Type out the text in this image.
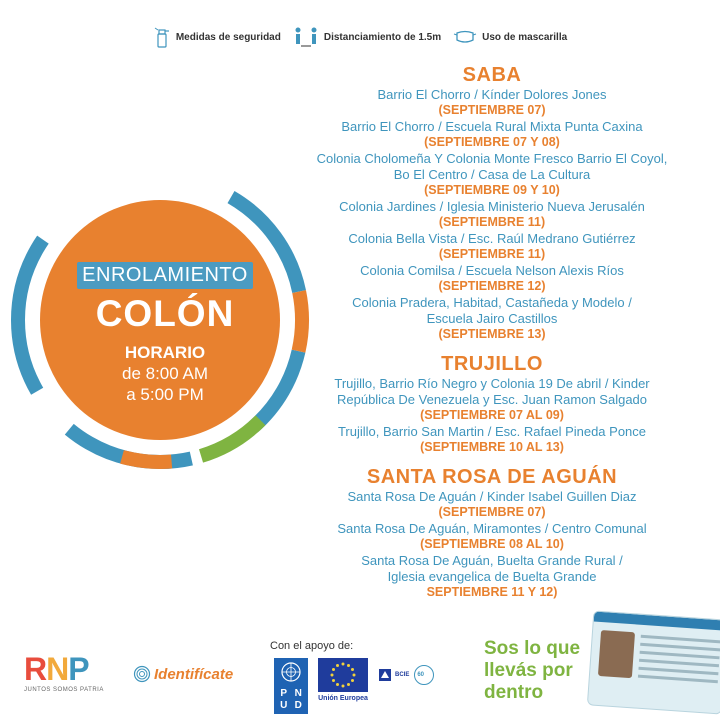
Medidas de seguridad	Distanciamiento de 1.5m	Uso de mascarilla
ENROLAMIENTO
COLÓN
HORARIO
de 8:00 AM
a 5:00 PM
SABA
Barrio El Chorro / Kínder Dolores Jones
(SEPTIEMBRE 07)
Barrio El Chorro / Escuela Rural Mixta Punta Caxina
(SEPTIEMBRE 07 Y 08)
Colonia Cholomeña Y Colonia Monte Fresco Barrio El Coyol,
Bo El Centro / Casa de La Cultura
(SEPTIEMBRE 09 Y 10)
Colonia Jardines / Iglesia Ministerio Nueva Jerusalén
(SEPTIEMBRE 11)
Colonia Bella Vista / Esc. Raúl Medrano Gutiérrez
(SEPTIEMBRE 11)
Colonia Comilsa / Escuela Nelson Alexis Ríos
(SEPTIEMBRE 12)
Colonia Pradera, Habitad, Castañeda y Modelo /
Escuela Jairo Castillos
(SEPTIEMBRE 13)
TRUJILLO
Trujillo, Barrio Río Negro y Colonia 19 De abril / Kinder
República De Venezuela y Esc. Juan Ramon Salgado
(SEPTIEMBRE 07 AL 09)
Trujillo, Barrio San Martin / Esc. Rafael Pineda Ponce
(SEPTIEMBRE 10 AL 13)
SANTA ROSA DE AGUÁN
Santa Rosa De Aguán / Kinder Isabel Guillen Diaz
(SEPTIEMBRE 07)
Santa Rosa De Aguán, Miramontes / Centro Comunal
(SEPTIEMBRE 08 AL 10)
Santa Rosa De Aguán, Buelta Grande Rural /
Iglesia evangelica de Buelta Grande
SEPTIEMBRE 11 Y 12)
RNP
JUNTOS SOMOS PATRIA
Identifícate
Con el apoyo de:
P N
U D
Unión Europea
BCIE 60
Sos lo que
llevás por
dentro
